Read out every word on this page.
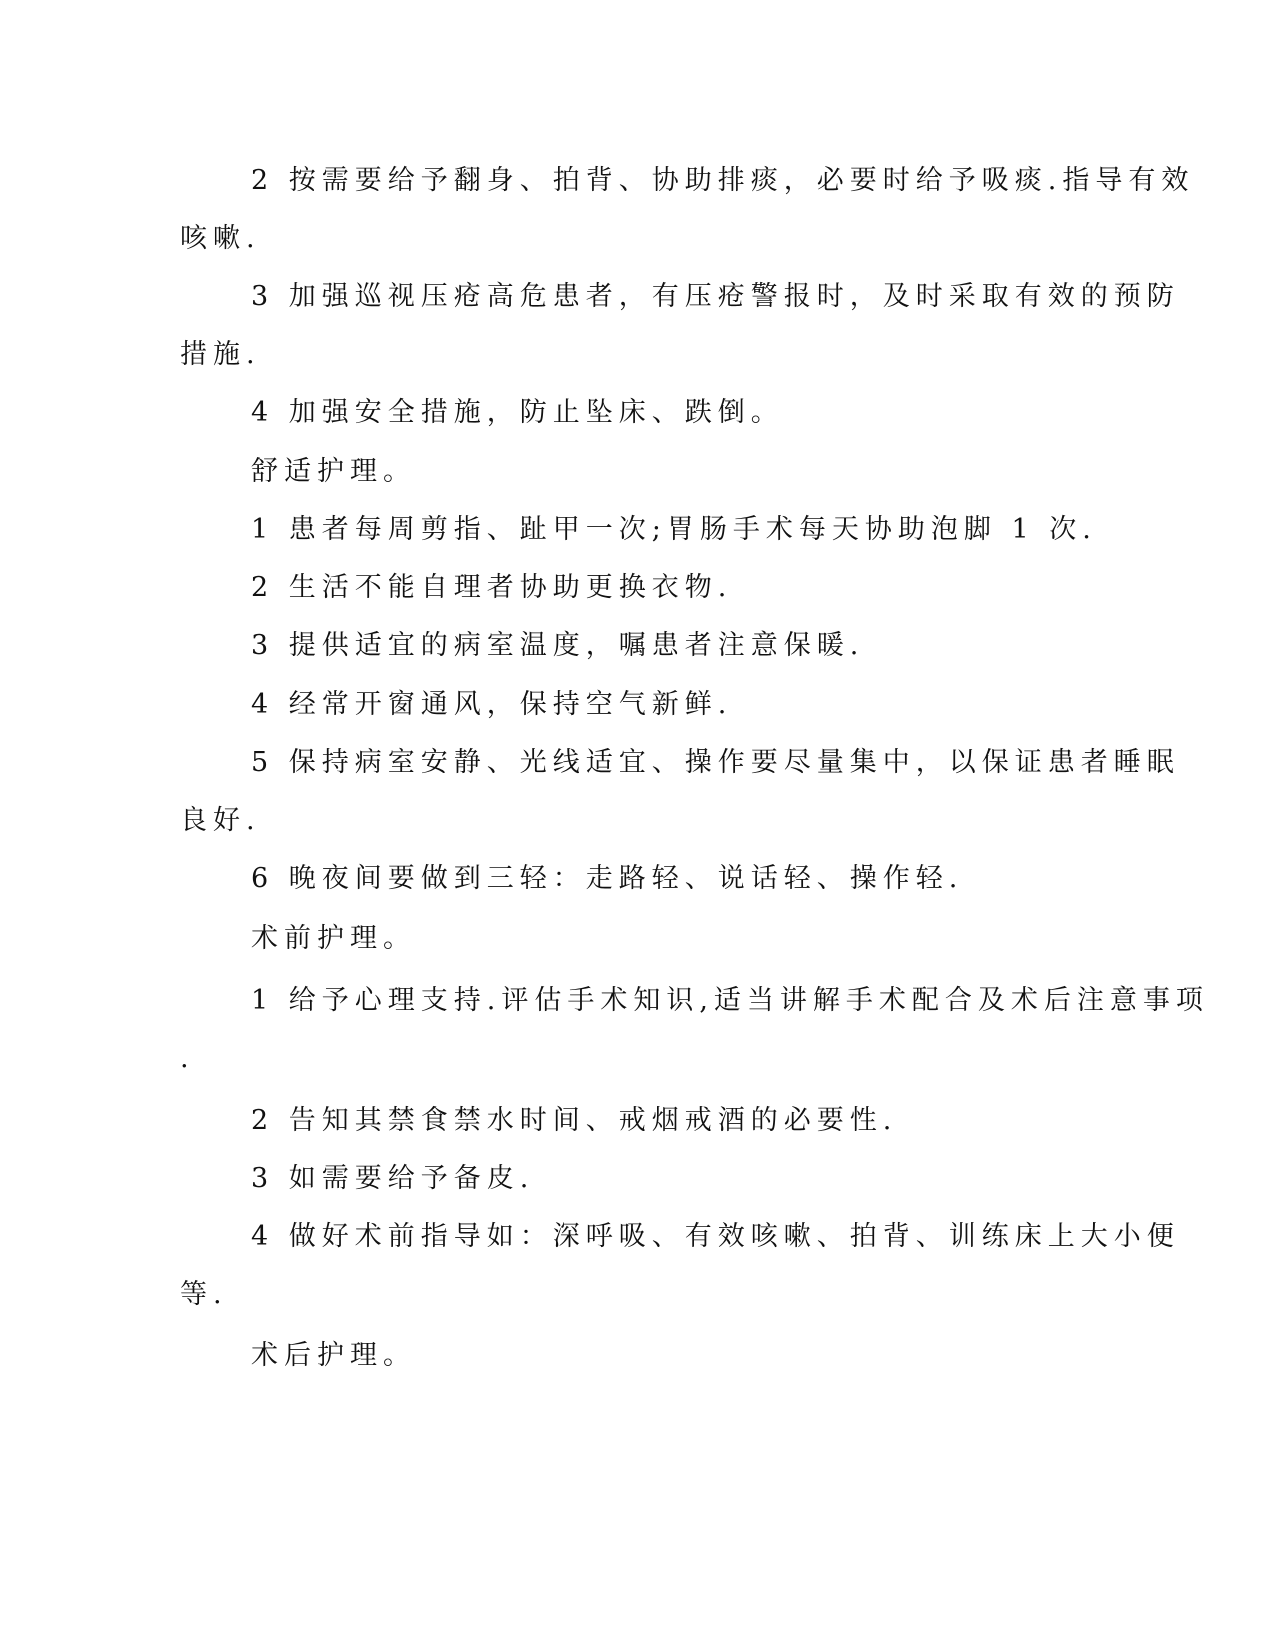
2 按需要给予翻身、拍背、协助排痰，必要时给予吸痰.指导有效
咳嗽.

3 加强巡视压疮高危患者，有压疮警报时，及时采取有效的预防
措施.

4 加强安全措施，防止坠床、跌倒。

舒适护理。

1 患者每周剪指、趾甲一次;胃肠手术每天协助泡脚 1 次.

2 生活不能自理者协助更换衣物.

3 提供适宜的病室温度，嘱患者注意保暖.

4 经常开窗通风，保持空气新鲜.

5 保持病室安静、光线适宜、操作要尽量集中，以保证患者睡眠
良好.

6 晚夜间要做到三轻：走路轻、说话轻、操作轻.

术前护理。

1 给予心理支持.评估手术知识,适当讲解手术配合及术后注意事项
.

2 告知其禁食禁水时间、戒烟戒酒的必要性.

3 如需要给予备皮.

4 做好术前指导如：深呼吸、有效咳嗽、拍背、训练床上大小便
等.

术后护理。
